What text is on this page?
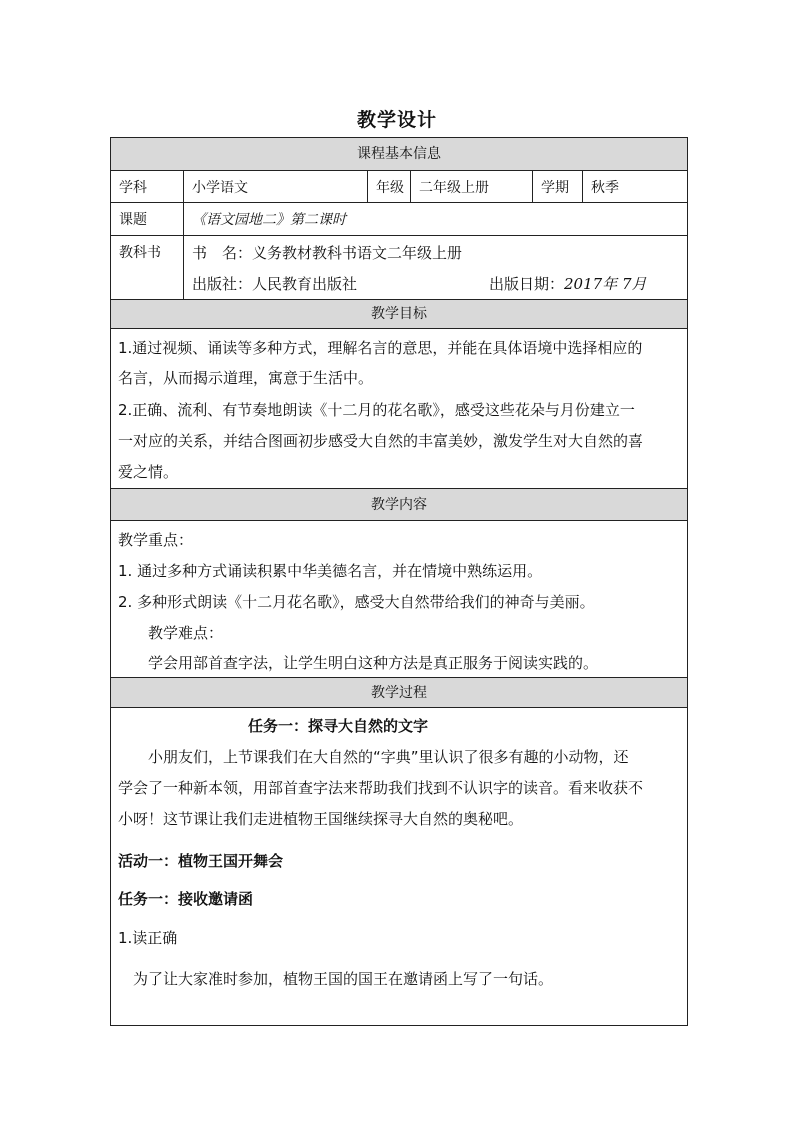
教学设计
课程基本信息
学科	小学语文	年级	二年级上册	学期	秋季
课题	《语文园地二》第二课时
教科书	书　名：义务教材教科书语文二年级上册
出版社：人民教育出版社	出版日期：2017年 7月
教学目标
1.通过视频、诵读等多种方式，理解名言的意思，并能在具体语境中选择相应的
名言，从而揭示道理，寓意于生活中。
2.正确、流利、有节奏地朗读《十二月的花名歌》，感受这些花朵与月份建立一
一对应的关系，并结合图画初步感受大自然的丰富美妙，激发学生对大自然的喜
爱之情。
教学内容
教学重点：
1. 通过多种方式诵读积累中华美德名言，并在情境中熟练运用。
2. 多种形式朗读《十二月花名歌》，感受大自然带给我们的神奇与美丽。
教学难点：
学会用部首查字法，让学生明白这种方法是真正服务于阅读实践的。
教学过程
任务一：探寻大自然的文字
小朋友们，上节课我们在大自然的“字典”里认识了很多有趣的小动物，还
学会了一种新本领，用部首查字法来帮助我们找到不认识字的读音。看来收获不
小呀！这节课让我们走进植物王国继续探寻大自然的奥秘吧。
活动一：植物王国开舞会
任务一：接收邀请函
1.读正确
为了让大家准时参加，植物王国的国王在邀请函上写了一句话。
